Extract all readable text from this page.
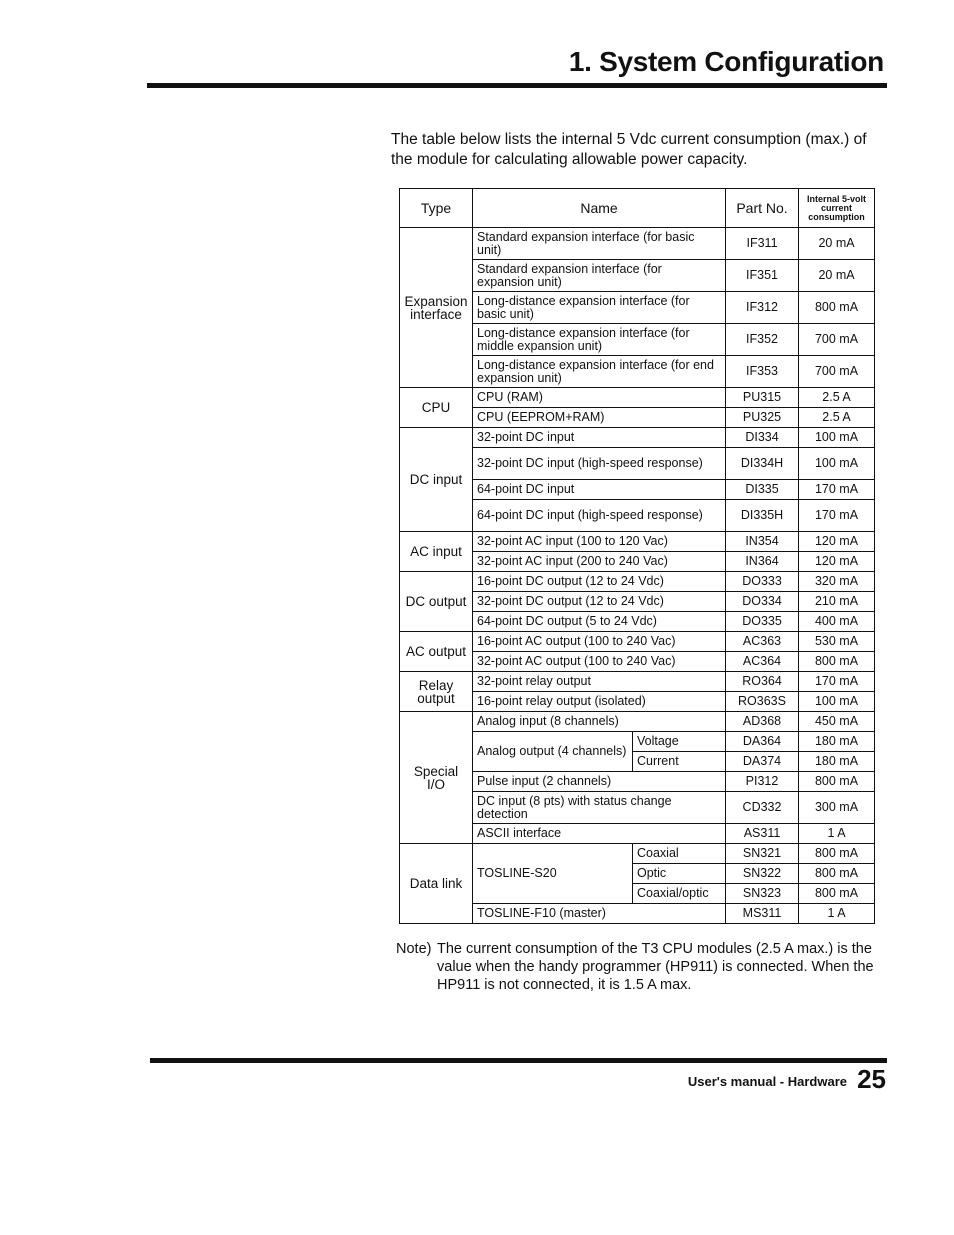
1. System Configuration
The table below lists the internal 5 Vdc current consumption (max.) of the module for calculating allowable power capacity.
Type	Name		Part No.	Internal 5-volt current consumption
Expansion interface	Standard expansion interface (for basic unit)		IF311	20 mA
	Standard expansion interface (for expansion unit)		IF351	20 mA
	Long-distance expansion interface (for basic unit)		IF312	800 mA
	Long-distance expansion interface (for middle expansion unit)		IF352	700 mA
	Long-distance expansion interface (for end expansion unit)		IF353	700 mA
CPU	CPU (RAM)		PU315	2.5 A
	CPU (EEPROM+RAM)		PU325	2.5 A
DC input	32-point DC input		DI334	100 mA
	32-point DC input (high-speed response)		DI334H	100 mA
	64-point DC input		DI335	170 mA
	64-point DC input (high-speed response)		DI335H	170 mA
AC input	32-point AC input (100 to 120 Vac)		IN354	120 mA
	32-point AC input (200 to 240 Vac)		IN364	120 mA
DC output	16-point DC output (12 to 24 Vdc)		DO333	320 mA
	32-point DC output (12 to 24 Vdc)		DO334	210 mA
	64-point DC output (5 to 24 Vdc)		DO335	400 mA
AC output	16-point AC output (100 to 240 Vac)		AC363	530 mA
	32-point AC output (100 to 240 Vac)		AC364	800 mA
Relay output	32-point relay output		RO364	170 mA
	16-point relay output (isolated)		RO363S	100 mA
Special I/O	Analog input (8 channels)		AD368	450 mA
	Analog output (4 channels)	Voltage	DA364	180 mA
		Current	DA374	180 mA
	Pulse input (2 channels)		PI312	800 mA
	DC input (8 pts) with status change detection		CD332	300 mA
	ASCII interface		AS311	1 A
Data link	TOSLINE-S20	Coaxial	SN321	800 mA
		Optic	SN322	800 mA
		Coaxial/optic	SN323	800 mA
	TOSLINE-F10 (master)		MS311	1 A
Note) The current consumption of the T3 CPU modules (2.5 A max.) is the value when the handy programmer (HP911) is connected. When the HP911 is not connected, it is 1.5 A max.
User's manual - Hardware 25
